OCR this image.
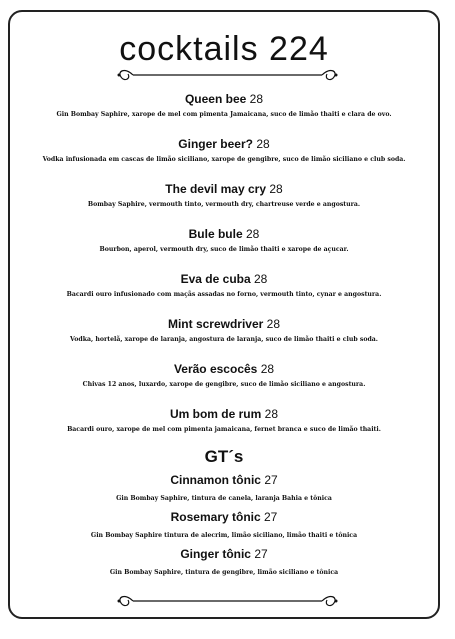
cocktails 224
Queen bee 28
Gin Bombay Saphire, xarope de mel com pimenta Jamaicana, suco de limão thaiti e clara de ovo.
Ginger beer? 28
Vodka infusionada em cascas de limão siciliano, xarope de gengibre, suco de limão siciliano e club soda.
The devil may cry 28
Bombay Saphire, vermouth tinto, vermouth dry, chartreuse verde e angostura.
Bule bule 28
Bourbon, aperol, vermouth dry, suco de limão thaiti e xarope de açucar.
Eva de cuba 28
Bacardi ouro infusionado com maçãs assadas no forno, vermouth tinto, cynar e angostura.
Mint screwdriver 28
Vodka, hortelã, xarope de laranja, angostura de laranja, suco de limão thaiti e club soda.
Verão escocês 28
Chivas 12 anos, luxardo, xarope de gengibre, suco de limão siciliano e angostura.
Um bom de rum 28
Bacardi ouro, xarope de mel com pimenta jamaicana, fernet branca e suco de limão thaiti.
GT´s
Cinnamon tônic 27
Gin Bombay Saphire, tintura de canela, laranja Bahia e tônica
Rosemary tônic 27
Gin Bombay Saphire tintura de alecrim, limão siciliano, limão thaiti e tônica
Ginger tônic 27
Gin Bombay Saphire, tintura de gengibre, limão siciliano e tônica
